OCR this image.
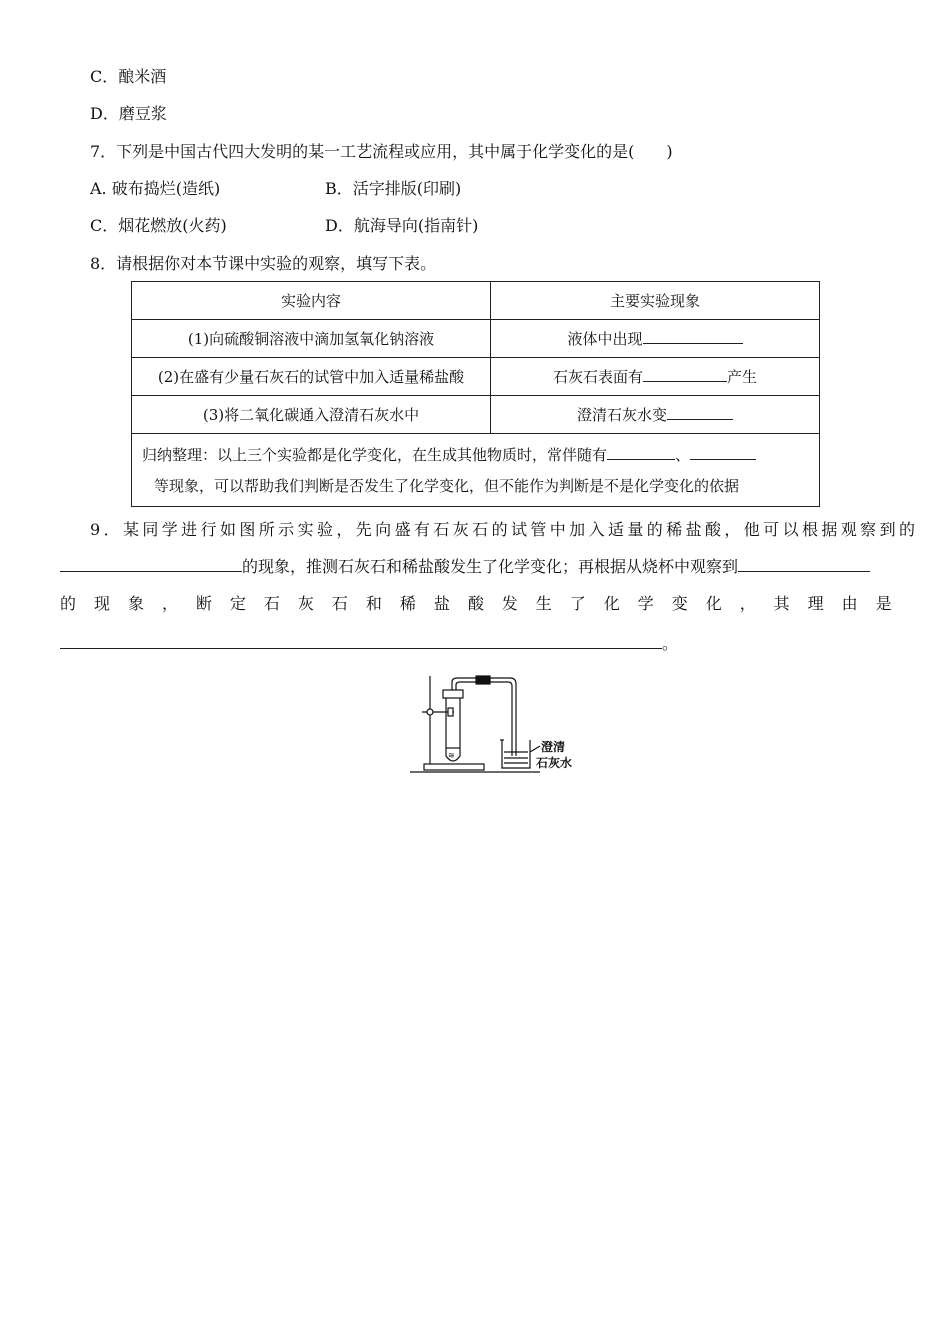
C．酿米酒
D．磨豆浆
7．下列是中国古代四大发明的某一工艺流程或应用，其中属于化学变化的是(　　)
A. 破布捣烂(造纸)	B．活字排版(印刷)
C．烟花燃放(火药)	D．航海导向(指南针)
8．请根据你对本节课中实验的观察，填写下表。
实验内容	主要实验现象
(1)向硫酸铜溶液中滴加氢氧化钠溶液	液体中出现
(2)在盛有少量石灰石的试管中加入适量稀盐酸	石灰石表面有 产生
(3)将二氧化碳通入澄清石灰水中	澄清石灰水变
归纳整理：以上三个实验都是化学变化，在生成其他物质时，常伴随有 、
等现象，可以帮助我们判断是否发生了化学变化，但不能作为判断是不是化学变化的依据	
9．某同学进行如图所示实验，先向盛有石灰石的试管中加入适量的稀盐酸，他可以根据观察到的
的现象，推测石灰石和稀盐酸发生了化学变化；再根据从烧杯中观察到
的 现 象 ， 断 定 石 灰 石 和 稀 盐 酸 发 生 了 化 学 变 化 ， 其 理 由 是
。
≋
澄清
石灰水
